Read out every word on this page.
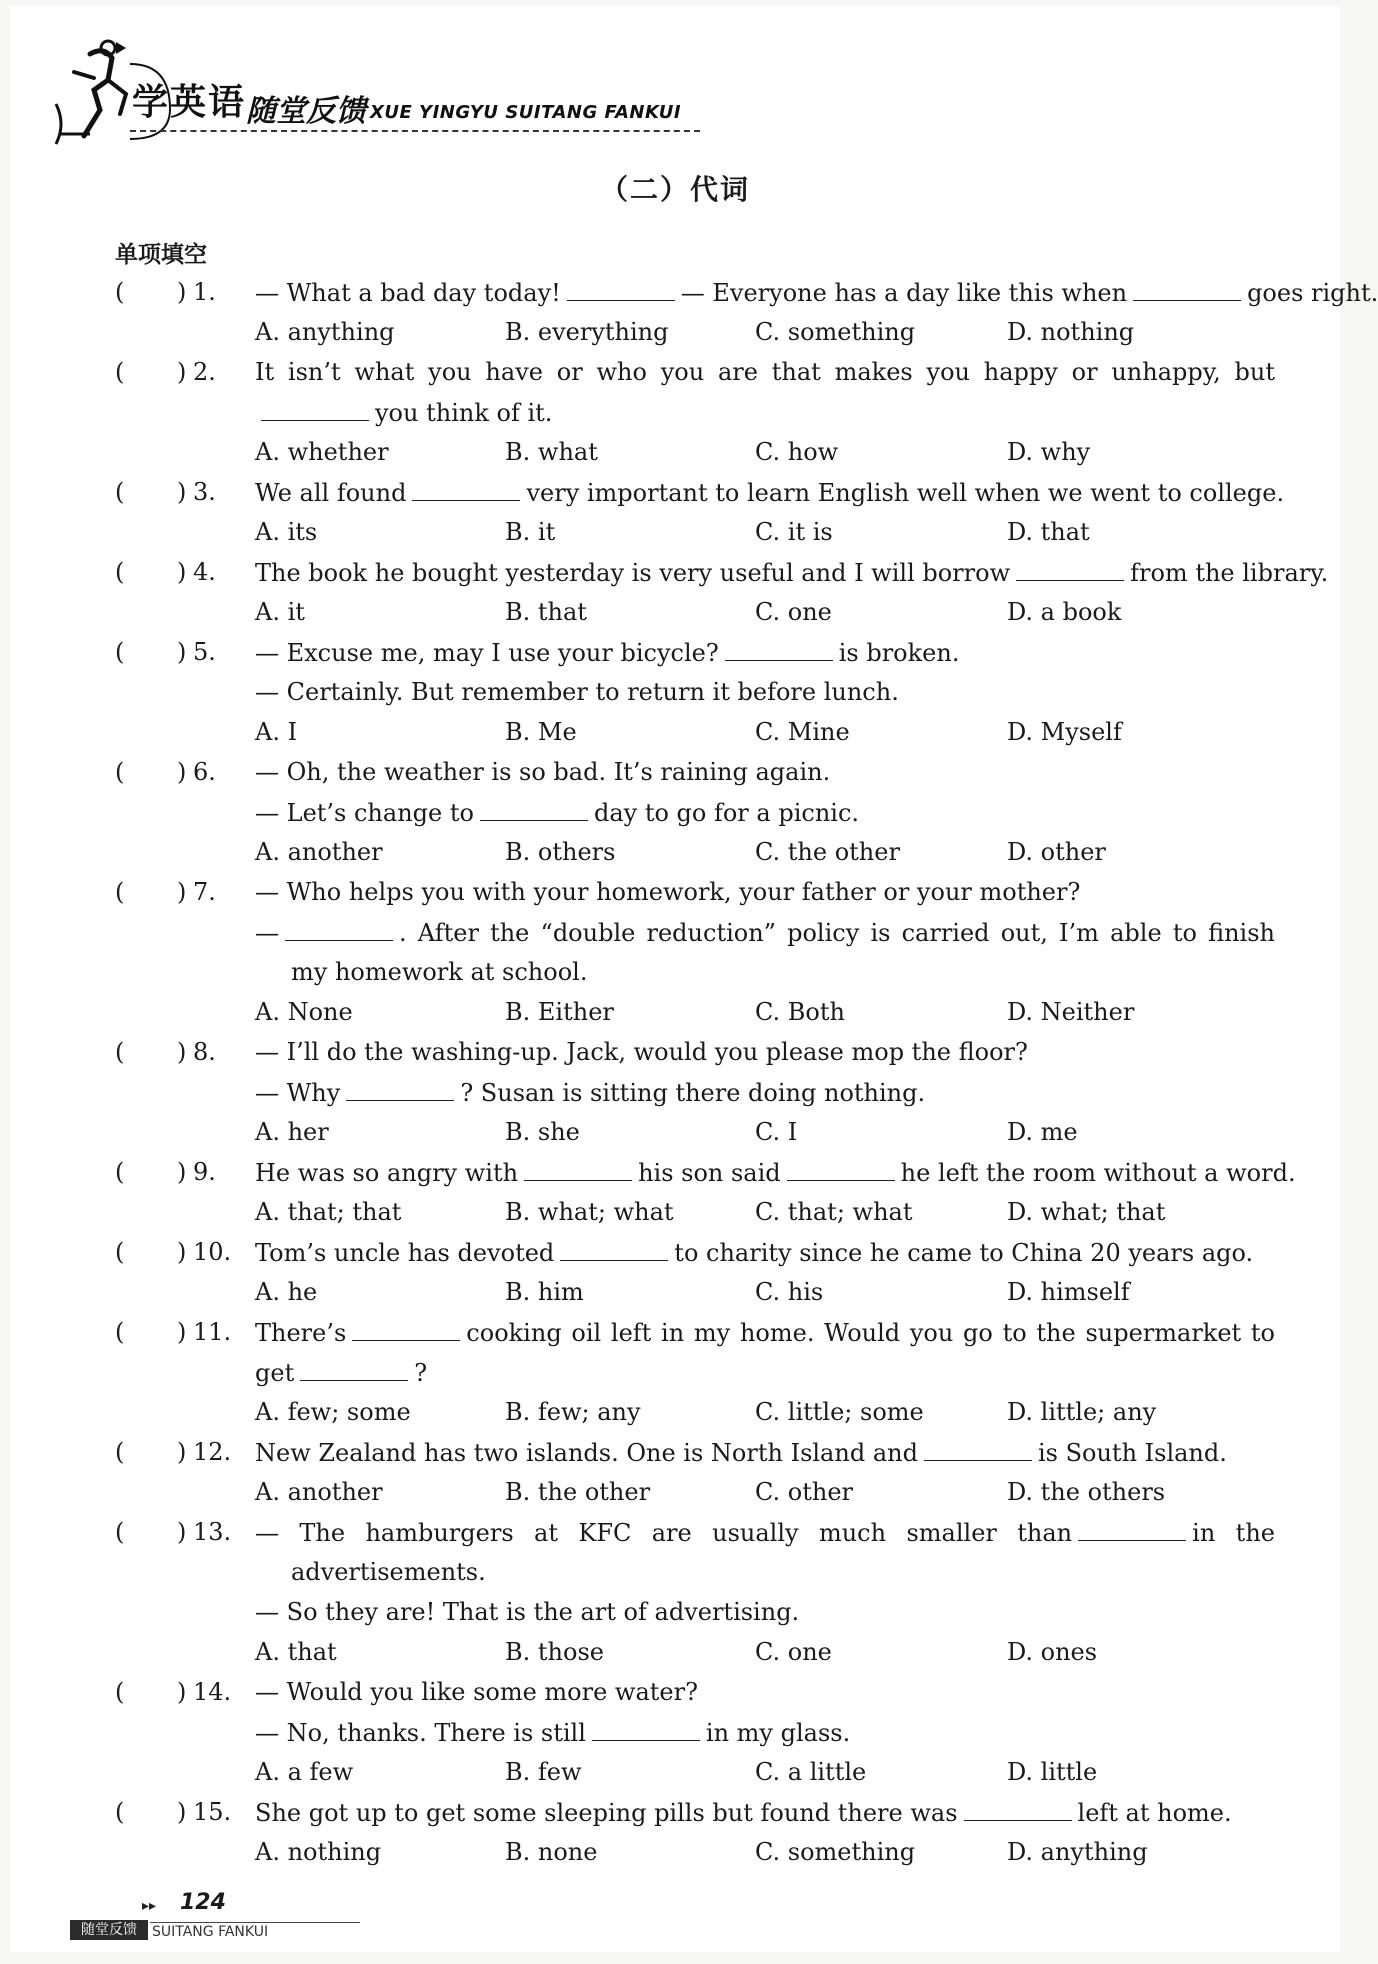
学英语 随堂反馈 XUE YINGYU SUITANG FANKUI
（二）代词
单项填空
( ) 1. — What a bad day today!	— Everyone has a day like this when	goes right.
A. anything	B. everything	C. something	D. nothing
( ) 2. It isn’t what you have or who you are that makes you happy or unhappy, but
you think of it.
A. whether	B. what	C. how	D. why
( ) 3. We all found	very important to learn English well when we went to college.
A. its	B. it	C. it is	D. that
( ) 4. The book he bought yesterday is very useful and I will borrow	from the library.
A. it	B. that	C. one	D. a book
( ) 5. — Excuse me, may I use your bicycle?	is broken.
— Certainly. But remember to return it before lunch.
A. I	B. Me	C. Mine	D. Myself
( ) 6. — Oh, the weather is so bad. It’s raining again.
— Let’s change to	day to go for a picnic.
A. another	B. others	C. the other	D. other
( ) 7. — Who helps you with your homework, your father or your mother?
—	. After the “double reduction” policy is carried out, I’m able to finish
my homework at school.
A. None	B. Either	C. Both	D. Neither
( ) 8. — I’ll do the washing-up. Jack, would you please mop the floor?
— Why	? Susan is sitting there doing nothing.
A. her	B. she	C. I	D. me
( ) 9. He was so angry with	his son said	he left the room without a word.
A. that; that	B. what; what	C. that; what	D. what; that
( ) 10. Tom’s uncle has devoted	to charity since he came to China 20 years ago.
A. he	B. him	C. his	D. himself
( ) 11. There’s	cooking oil left in my home. Would you go to the supermarket to
get	?
A. few; some	B. few; any	C. little; some	D. little; any
( ) 12. New Zealand has two islands. One is North Island and	is South Island.
A. another	B. the other	C. other	D. the others
( ) 13. — The hamburgers at KFC are usually much smaller than	in the
advertisements.
— So they are! That is the art of advertising.
A. that	B. those	C. one	D. ones
( ) 14. — Would you like some more water?
— No, thanks. There is still	in my glass.
A. a few	B. few	C. a little	D. little
( ) 15. She got up to get some sleeping pills but found there was	left at home.
A. nothing	B. none	C. something	D. anything
▸▸ 124
随堂反馈	SUITANG FANKUI
